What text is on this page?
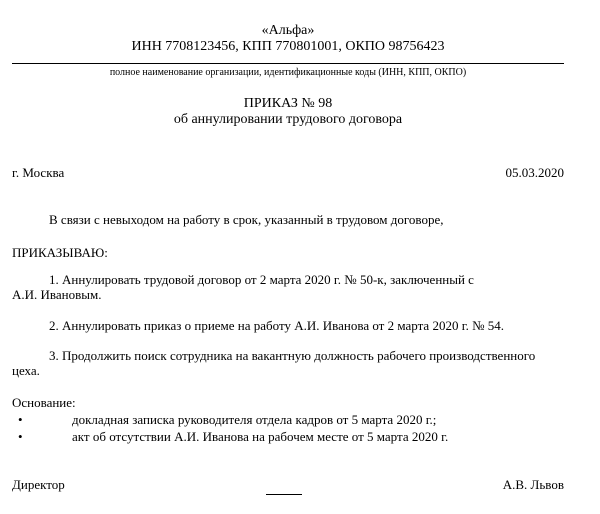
«Альфа»
ИНН 7708123456, КПП 770801001, ОКПО 98756423
полное наименование организации, идентификационные коды (ИНН, КПП, ОКПО)
ПРИКАЗ № 98
об аннулировании трудового договора
г. Москва	05.03.2020

В связи с невыходом на работу в срок, указанный в трудовом договоре,

ПРИКАЗЫВАЮ:

1. Аннулировать трудовой договор от 2 марта 2020 г. № 50-к, заключенный с
А.И. Ивановым.

2. Аннулировать приказ о приеме на работу А.И. Иванова от 2 марта 2020 г. № 54.

3. Продолжить поиск сотрудника на вакантную должность рабочего производственного
цеха.

Основание:

•	докладная записка руководителя отдела кадров от 5 марта 2020 г.;
•	акт об отсутствии А.И. Иванова на рабочем месте от 5 марта 2020 г.
Директор	А.В. Львов
